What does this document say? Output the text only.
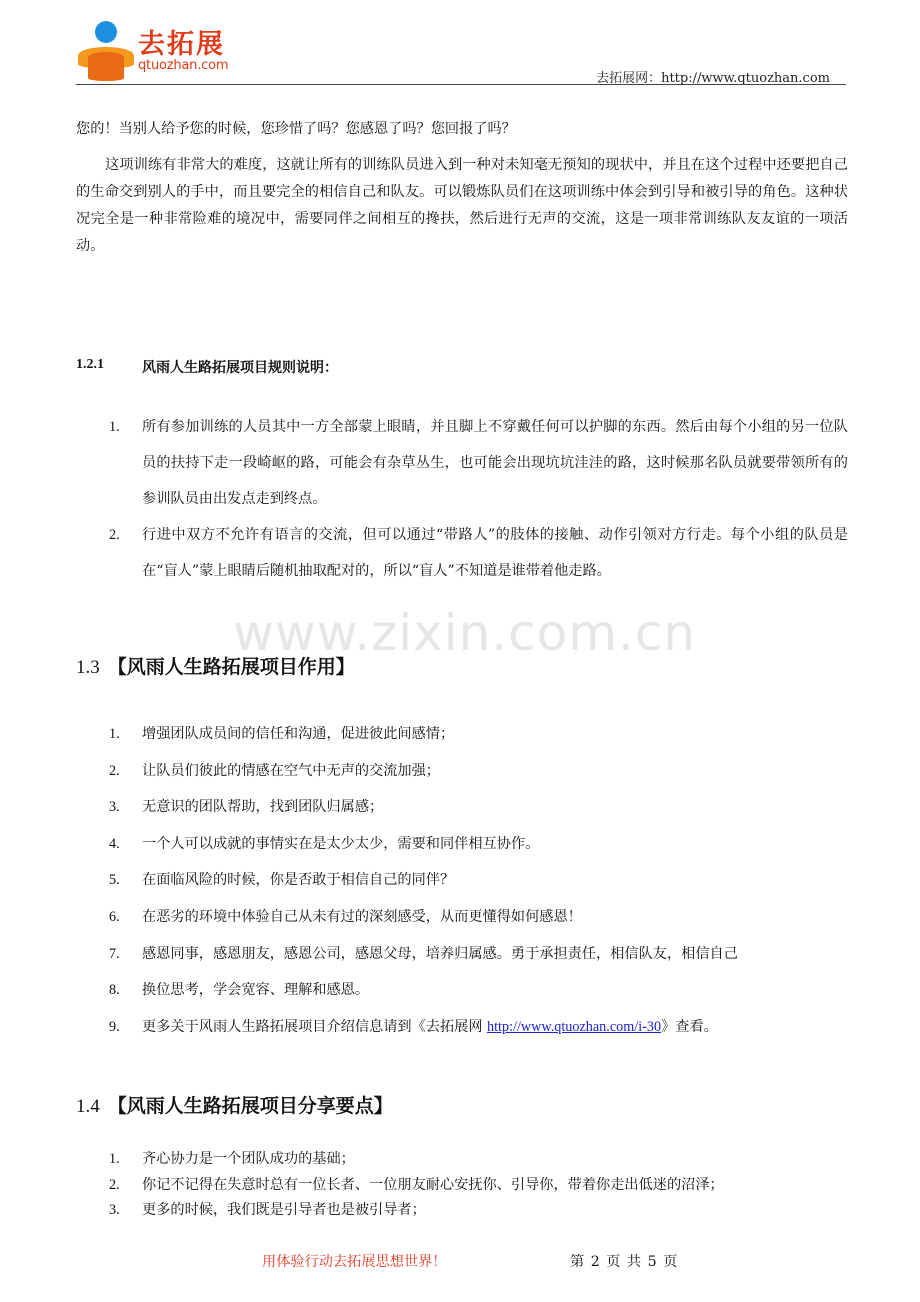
去拓展
qtuozhan.com
去拓展网：http://www.qtuozhan.com
您的！当别人给予您的时候，您珍惜了吗？您感恩了吗？您回报了吗？
这项训练有非常大的难度，这就让所有的训练队员进入到一种对未知毫无预知的现状中，并且在这个过程中还要把自己的生命交到别人的手中，而且要完全的相信自己和队友。可以锻炼队员们在这项训练中体会到引导和被引导的角色。这种状况完全是一种非常险难的境况中，需要同伴之间相互的搀扶，然后进行无声的交流，这是一项非常训练队友友谊的一项活动。
1.2.1	风雨人生路拓展项目规则说明：
1. 所有参加训练的人员其中一方全部蒙上眼睛，并且脚上不穿戴任何可以护脚的东西。然后由每个小组的另一位队员的扶持下走一段崎岖的路，可能会有杂草丛生，也可能会出现坑坑洼洼的路，这时候那名队员就要带领所有的参训队员由出发点走到终点。
2. 行进中双方不允许有语言的交流，但可以通过“带路人”的肢体的接触、动作引领对方行走。每个小组的队员是在“盲人”蒙上眼睛后随机抽取配对的，所以“盲人”不知道是谁带着他走路。
www.zixin.com.cn
1.3 【风雨人生路拓展项目作用】
1. 增强团队成员间的信任和沟通，促进彼此间感情；
2. 让队员们彼此的情感在空气中无声的交流加强；
3. 无意识的团队帮助，找到团队归属感；
4. 一个人可以成就的事情实在是太少太少，需要和同伴相互协作。
5. 在面临风险的时候，你是否敢于相信自己的同伴？
6. 在恶劣的环境中体验自己从未有过的深刻感受，从而更懂得如何感恩！
7. 感恩同事，感恩朋友，感恩公司，感恩父母，培养归属感。勇于承担责任，相信队友，相信自己
8. 换位思考，学会宽容、理解和感恩。
9. 更多关于风雨人生路拓展项目介绍信息请到《去拓展网 http://www.qtuozhan.com/i-30》查看。
1.4 【风雨人生路拓展项目分享要点】
1. 齐心协力是一个团队成功的基础；
2. 你记不记得在失意时总有一位长者、一位朋友耐心安抚你、引导你，带着你走出低迷的沼泽；
3. 更多的时候，我们既是引导者也是被引导者；
用体验行动去拓展思想世界！	第 2 页 共 5 页
